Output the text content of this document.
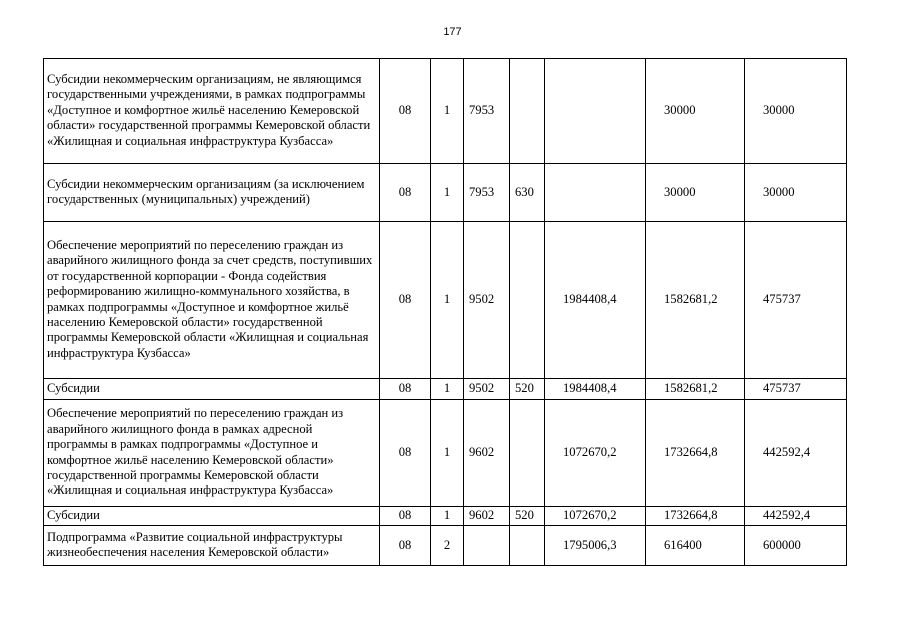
177
Субсидии некоммерческим организациям, не являющимся государственными учреждениями, в рамках подпрограммы «Доступное и комфортное жильё населению Кемеровской области» государственной программы Кемеровской области «Жилищная и социальная инфраструктура Кузбасса»	08	1	7953			30000	30000
Субсидии некоммерческим организациям (за исключением государственных (муниципальных) учреждений)	08	1	7953	630		30000	30000
Обеспечение мероприятий по переселению граждан из аварийного жилищного фонда за счет средств, поступивших от государственной корпорации - Фонда содействия реформированию жилищно-коммунального хозяйства, в рамках подпрограммы «Доступное и комфортное жильё населению Кемеровской области» государственной программы Кемеровской области «Жилищная и социальная инфраструктура Кузбасса»	08	1	9502		1984408,4	1582681,2	475737
Субсидии	08	1	9502	520	1984408,4	1582681,2	475737
Обеспечение мероприятий по переселению граждан из аварийного жилищного фонда в рамках адресной программы в рамках подпрограммы «Доступное и комфортное жильё населению Кемеровской области» государственной программы Кемеровской области «Жилищная и социальная инфраструктура Кузбасса»	08	1	9602		1072670,2	1732664,8	442592,4
Субсидии	08	1	9602	520	1072670,2	1732664,8	442592,4
Подпрограмма «Развитие социальной инфраструктуры жизнеобеспечения населения Кемеровской области»	08	2			1795006,3	616400	600000
